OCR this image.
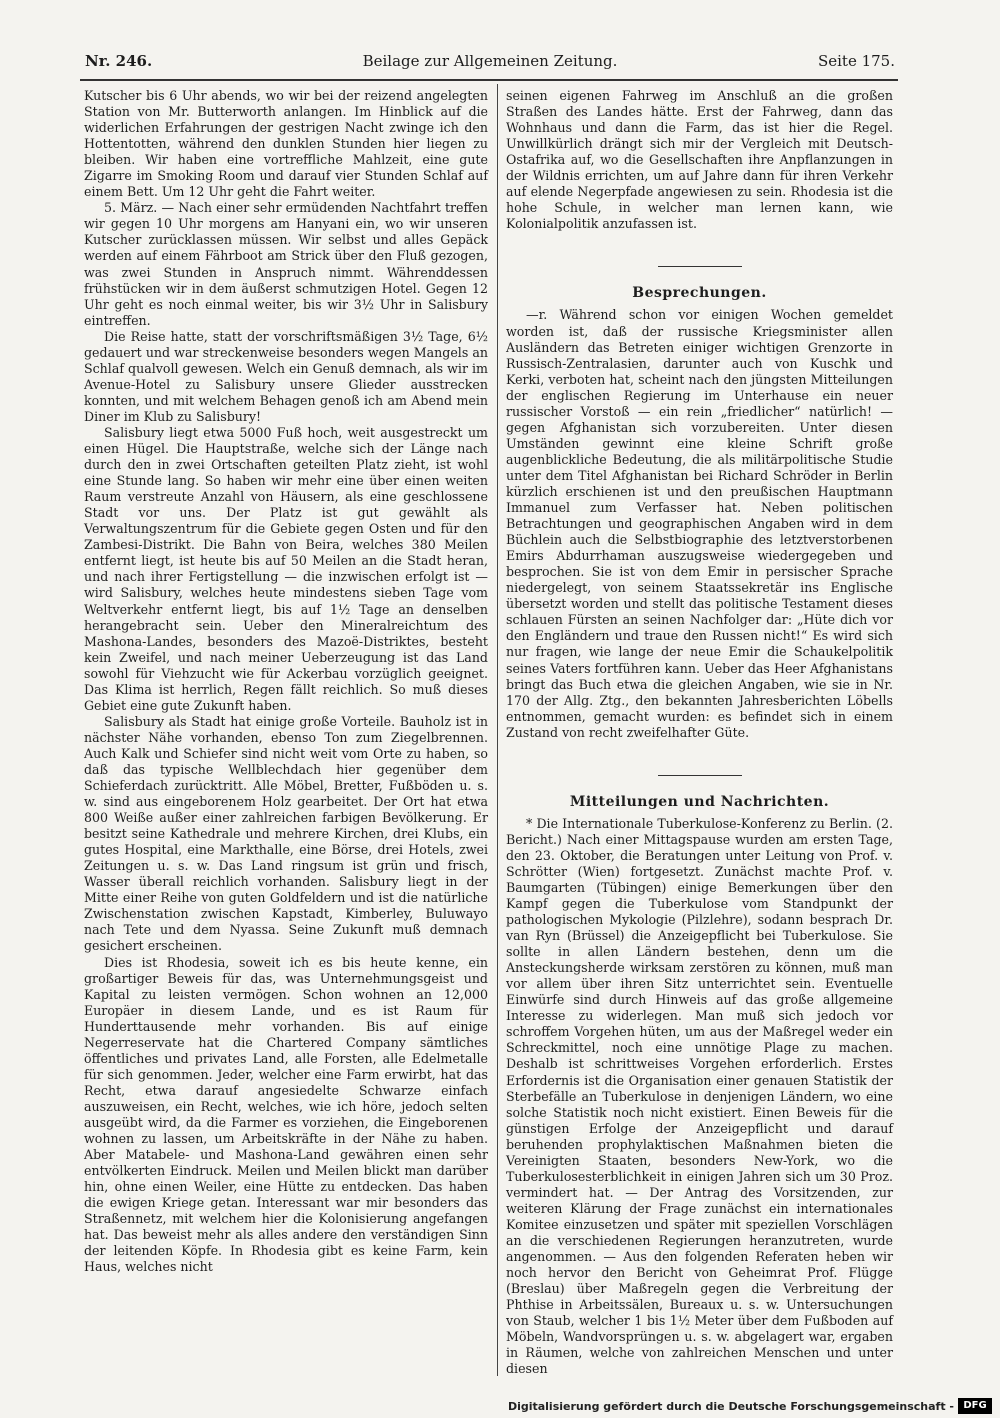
Beilage zur Allgemeinen Zeitung.
Nr. 246.	Seite 175.

Kutscher bis 6 Uhr abends, wo wir bei der reizend angelegten Station von Mr. Butterworth anlangen. Im Hinblick auf die widerlichen Erfahrungen der gestrigen Nacht zwinge ich den Hottentotten, während den dunklen Stunden hier liegen zu bleiben. Wir haben eine vortreffliche Mahlzeit, eine gute Zigarre im Smoking Room und darauf vier Stunden Schlaf auf einem Bett. Um 12 Uhr geht die Fahrt weiter.

5. März. — Nach einer sehr ermüdenden Nachtfahrt treffen wir gegen 10 Uhr morgens am Hanyani ein, wo wir unseren Kutscher zurücklassen müssen. Wir selbst und alles Gepäck werden auf einem Fährboot am Strick über den Fluß gezogen, was zwei Stunden in Anspruch nimmt. Währenddessen frühstücken wir in dem äußerst schmutzigen Hotel. Gegen 12 Uhr geht es noch einmal weiter, bis wir 3½ Uhr in Salisbury eintreffen.

Die Reise hatte, statt der vorschriftsmäßigen 3½ Tage, 6½ gedauert und war streckenweise besonders wegen Mangels an Schlaf qualvoll gewesen. Welch ein Genuß demnach, als wir im Avenue-Hotel zu Salisbury unsere Glieder ausstrecken konnten, und mit welchem Behagen genoß ich am Abend mein Diner im Klub zu Salisbury!

Salisbury liegt etwa 5000 Fuß hoch, weit ausgestreckt um einen Hügel. Die Hauptstraße, welche sich der Länge nach durch den in zwei Ortschaften geteilten Platz zieht, ist wohl eine Stunde lang. So haben wir mehr eine über einen weiten Raum verstreute Anzahl von Häusern, als eine geschlossene Stadt vor uns. Der Platz ist gut gewählt als Verwaltungszentrum für die Gebiete gegen Osten und für den Zambesi-Distrikt. Die Bahn von Beira, welches 380 Meilen entfernt liegt, ist heute bis auf 50 Meilen an die Stadt heran, und nach ihrer Fertigstellung — die inzwischen erfolgt ist — wird Salisbury, welches heute mindestens sieben Tage vom Weltverkehr entfernt liegt, bis auf 1½ Tage an denselben herangebracht sein. Ueber den Mineralreichtum des Mashona-Landes, besonders des Mazoë-Distriktes, besteht kein Zweifel, und nach meiner Ueberzeugung ist das Land sowohl für Viehzucht wie für Ackerbau vorzüglich geeignet. Das Klima ist herrlich, Regen fällt reichlich. So muß dieses Gebiet eine gute Zukunft haben.

Salisbury als Stadt hat einige große Vorteile. Bauholz ist in nächster Nähe vorhanden, ebenso Ton zum Ziegelbrennen. Auch Kalk und Schiefer sind nicht weit vom Orte zu haben, so daß das typische Wellblechdach hier gegenüber dem Schieferdach zurücktritt. Alle Möbel, Bretter, Fußböden u. s. w. sind aus eingeborenem Holz gearbeitet. Der Ort hat etwa 800 Weiße außer einer zahlreichen farbigen Bevölkerung. Er besitzt seine Kathedrale und mehrere Kirchen, drei Klubs, ein gutes Hospital, eine Markthalle, eine Börse, drei Hotels, zwei Zeitungen u. s. w. Das Land ringsum ist grün und frisch, Wasser überall reichlich vorhanden. Salisbury liegt in der Mitte einer Reihe von guten Goldfeldern und ist die natürliche Zwischenstation zwischen Kapstadt, Kimberley, Buluwayo nach Tete und dem Nyassa. Seine Zukunft muß demnach gesichert erscheinen.

Dies ist Rhodesia, soweit ich es bis heute kenne, ein großartiger Beweis für das, was Unternehmungsgeist und Kapital zu leisten vermögen. Schon wohnen an 12,000 Europäer in diesem Lande, und es ist Raum für Hunderttausende mehr vorhanden. Bis auf einige Negerreservate hat die Chartered Company sämtliches öffentliches und privates Land, alle Forsten, alle Edelmetalle für sich genommen. Jeder, welcher eine Farm erwirbt, hat das Recht, etwa darauf angesiedelte Schwarze einfach auszuweisen, ein Recht, welches, wie ich höre, jedoch selten ausgeübt wird, da die Farmer es vorziehen, die Eingeborenen wohnen zu lassen, um Arbeitskräfte in der Nähe zu haben. Aber Matabele- und Mashona-Land gewähren einen sehr entvölkerten Eindruck. Meilen und Meilen blickt man darüber hin, ohne einen Weiler, eine Hütte zu entdecken. Das haben die ewigen Kriege getan. Interessant war mir besonders das Straßennetz, mit welchem hier die Kolonisierung angefangen hat. Das beweist mehr als alles andere den verständigen Sinn der leitenden Köpfe. In Rhodesia gibt es keine Farm, kein Haus, welches nicht

seinen eigenen Fahrweg im Anschluß an die großen Straßen des Landes hätte. Erst der Fahrweg, dann das Wohnhaus und dann die Farm, das ist hier die Regel. Unwillkürlich drängt sich mir der Vergleich mit Deutsch-Ostafrika auf, wo die Gesellschaften ihre Anpflanzungen in der Wildnis errichten, um auf Jahre dann für ihren Verkehr auf elende Negerpfade angewiesen zu sein. Rhodesia ist die hohe Schule, in welcher man lernen kann, wie Kolonialpolitik anzufassen ist.

Besprechungen.

—r. Während schon vor einigen Wochen gemeldet worden ist, daß der russische Kriegsminister allen Ausländern das Betreten einiger wichtigen Grenzorte in Russisch-Zentralasien, darunter auch von Kuschk und Kerki, verboten hat, scheint nach den jüngsten Mitteilungen der englischen Regierung im Unterhause ein neuer russischer Vorstoß — ein rein „friedlicher“ natürlich! — gegen Afghanistan sich vorzubereiten. Unter diesen Umständen gewinnt eine kleine Schrift große augenblickliche Bedeutung, die als militärpolitische Studie unter dem Titel Afghanistan bei Richard Schröder in Berlin kürzlich erschienen ist und den preußischen Hauptmann Immanuel zum Verfasser hat. Neben politischen Betrachtungen und geographischen Angaben wird in dem Büchlein auch die Selbstbiographie des letztverstorbenen Emirs Abdurrhaman auszugsweise wiedergegeben und besprochen. Sie ist von dem Emir in persischer Sprache niedergelegt, von seinem Staatssekretär ins Englische übersetzt worden und stellt das politische Testament dieses schlauen Fürsten an seinen Nachfolger dar: „Hüte dich vor den Engländern und traue den Russen nicht!“ Es wird sich nur fragen, wie lange der neue Emir die Schaukelpolitik seines Vaters fortführen kann. Ueber das Heer Afghanistans bringt das Buch etwa die gleichen Angaben, wie sie in Nr. 170 der Allg. Ztg., den bekannten Jahresberichten Löbells entnommen, gemacht wurden: es befindet sich in einem Zustand von recht zweifelhafter Güte.

Mitteilungen und Nachrichten.

* Die Internationale Tuberkulose-Konferenz zu Berlin. (2. Bericht.) Nach einer Mittagspause wurden am ersten Tage, den 23. Oktober, die Beratungen unter Leitung von Prof. v. Schrötter (Wien) fortgesetzt. Zunächst machte Prof. v. Baumgarten (Tübingen) einige Bemerkungen über den Kampf gegen die Tuberkulose vom Standpunkt der pathologischen Mykologie (Pilzlehre), sodann besprach Dr. van Ryn (Brüssel) die Anzeigepflicht bei Tuberkulose. Sie sollte in allen Ländern bestehen, denn um die Ansteckungsherde wirksam zerstören zu können, muß man vor allem über ihren Sitz unterrichtet sein. Eventuelle Einwürfe sind durch Hinweis auf das große allgemeine Interesse zu widerlegen. Man muß sich jedoch vor schroffem Vorgehen hüten, um aus der Maßregel weder ein Schreckmittel, noch eine unnötige Plage zu machen. Deshalb ist schrittweises Vorgehen erforderlich. Erstes Erfordernis ist die Organisation einer genauen Statistik der Sterbefälle an Tuberkulose in denjenigen Ländern, wo eine solche Statistik noch nicht existiert. Einen Beweis für die günstigen Erfolge der Anzeigepflicht und darauf beruhenden prophylaktischen Maßnahmen bieten die Vereinigten Staaten, besonders New-York, wo die Tuberkulosesterblichkeit in einigen Jahren sich um 30 Proz. vermindert hat. — Der Antrag des Vorsitzenden, zur weiteren Klärung der Frage zunächst ein internationales Komitee einzusetzen und später mit speziellen Vorschlägen an die verschiedenen Regierungen heranzutreten, wurde angenommen. — Aus den folgenden Referaten heben wir noch hervor den Bericht von Geheimrat Prof. Flügge (Breslau) über Maßregeln gegen die Verbreitung der Phthise in Arbeitssälen, Bureaux u. s. w. Untersuchungen von Staub, welcher 1 bis 1½ Meter über dem Fußboden auf Möbeln, Wandvorsprüngen u. s. w. abgelagert war, ergaben in Räumen, welche von zahlreichen Menschen und unter diesen

Digitalisierung gefördert durch die Deutsche Forschungsgemeinschaft - DFG
